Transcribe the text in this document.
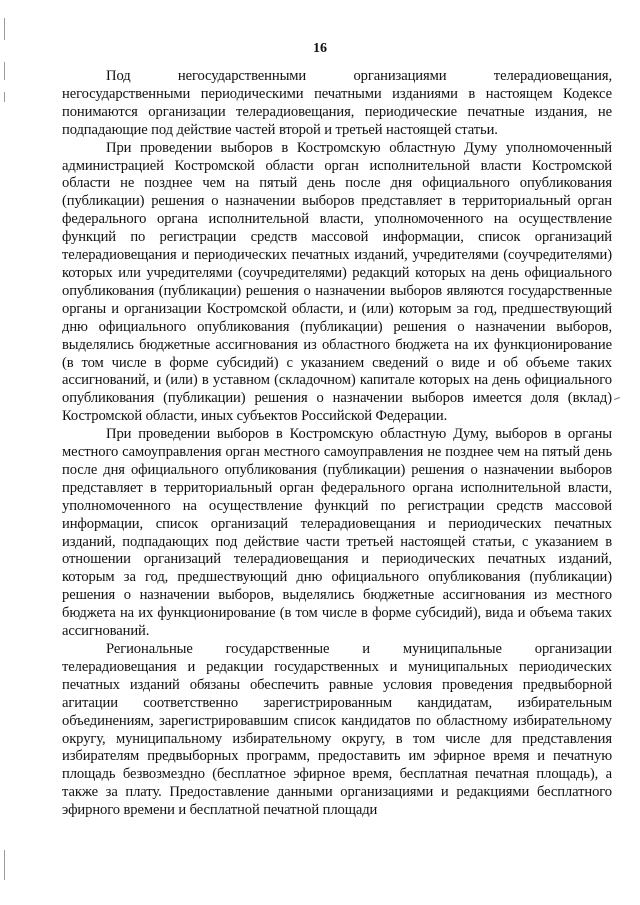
16

Под негосударственными организациями телерадиовещания, негосударственными периодическими печатными изданиями в настоящем Кодексе понимаются организации телерадиовещания, периодические печатные издания, не подпадающие под действие частей второй и третьей настоящей статьи.

При проведении выборов в Костромскую областную Думу уполномоченный администрацией Костромской области орган исполнительной власти Костромской области не позднее чем на пятый день после дня официального опубликования (публикации) решения о назначении выборов представляет в территориальный орган федерального органа исполнительной власти, уполномоченного на осуществление функций по регистрации средств массовой информации, список организаций телерадиовещания и периодических печатных изданий, учредителями (соучредителями) которых или учредителями (соучредителями) редакций которых на день официального опубликования (публикации) решения о назначении выборов являются государственные органы и организации Костромской области, и (или) которым за год, предшествующий дню официального опубликования (публикации) решения о назначении выборов, выделялись бюджетные ассигнования из областного бюджета на их функционирование (в том числе в форме субсидий) с указанием сведений о виде и об объеме таких ассигнований, и (или) в уставном (складочном) капитале которых на день официального опубликования (публикации) решения о назначении выборов имеется доля (вклад) Костромской области, иных субъектов Российской Федерации.

При проведении выборов в Костромскую областную Думу, выборов в органы местного самоуправления орган местного самоуправления не позднее чем на пятый день после дня официального опубликования (публикации) решения о назначении выборов представляет в территориальный орган федерального органа исполнительной власти, уполномоченного на осуществление функций по регистрации средств массовой информации, список организаций телерадиовещания и периодических печатных изданий, подпадающих под действие части третьей настоящей статьи, с указанием в отношении организаций телерадиовещания и периодических печатных изданий, которым за год, предшествующий дню официального опубликования (публикации) решения о назначении выборов, выделялись бюджетные ассигнования из местного бюджета на их функционирование (в том числе в форме субсидий), вида и объема таких ассигнований.

Региональные государственные и муниципальные организации телерадиовещания и редакции государственных и муниципальных периодических печатных изданий обязаны обеспечить равные условия проведения предвыборной агитации соответственно зарегистрированным кандидатам, избирательным объединениям, зарегистрировавшим список кандидатов по областному избирательному округу, муниципальному избирательному округу, в том числе для представления избирателям предвыборных программ, предоставить им эфирное время и печатную площадь безвозмездно (бесплатное эфирное время, бесплатная печатная площадь), а также за плату. Предоставление данными организациями и редакциями бесплатного эфирного времени и бесплатной печатной площади
